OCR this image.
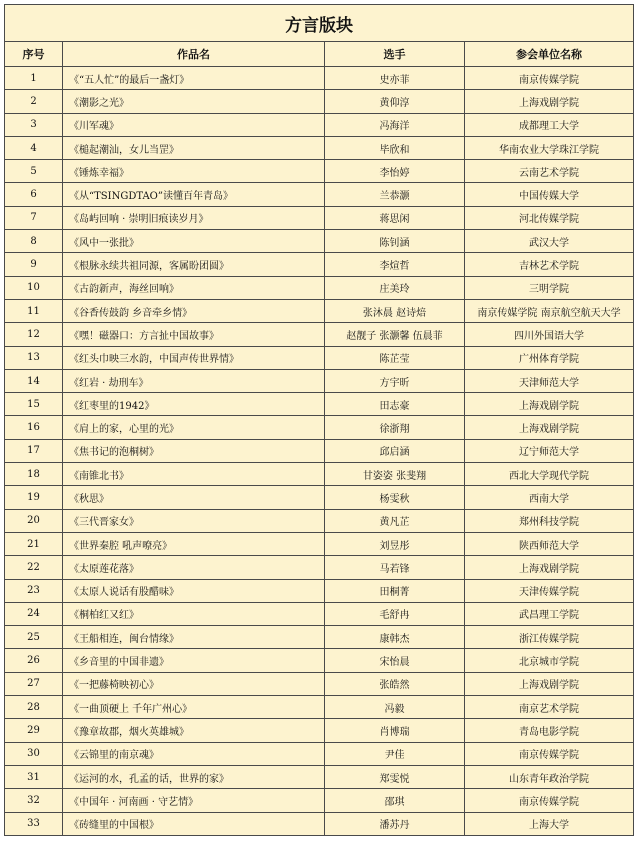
方言版块			
序号	作品名	选手	参会单位名称
1	《“五人忙”的最后一盏灯》	史亦菲	南京传媒学院
2	《潮影之光》	黄仰淳	上海戏剧学院
3	《川军魂》	冯海洋	成都理工大学
4	《槌起潮汕，女儿当罡》	毕欣和	华南农业大学珠江学院
5	《锤炼幸福》	李怡婷	云南艺术学院
6	《从“TSINGDTAO”读懂百年青岛》	兰恭灏	中国传媒大学
7	《岛屿回响 · 崇明旧痕读岁月》	蒋思闲	河北传媒学院
8	《风中一张批》	陈钊涵	武汉大学
9	《根脉永续共祖同源，客属盼团圆》	李煊哲	吉林艺术学院
10	《古韵新声，海丝回响》	庄美玲	三明学院
11	《谷香传鼓韵 乡音牵乡情》	张沐晨 赵诗焙	南京传媒学院 南京航空航天大学
12	《嘿！磁器口：方言扯中国故事》	赵靓子 张灏馨 伍晨菲	四川外国语大学
13	《红头巾映三水韵，中国声传世界情》	陈芷莹	广州体育学院
14	《红岩 · 劫刑车》	方宇昕	天津师范大学
15	《红枣里的1942》	田志豪	上海戏剧学院
16	《肩上的家，心里的光》	徐浙翔	上海戏剧学院
17	《焦书记的泡桐树》	邱启涵	辽宁师范大学
18	《南锥北书》	甘姿姿 张斐翔	西北大学现代学院
19	《秋思》	杨雯秋	西南大学
20	《三代晋家女》	黄凡芷	郑州科技学院
21	《世界秦腔 吼声嘹亮》	刘昱彤	陕西师范大学
22	《太原莲花落》	马若锋	上海戏剧学院
23	《太原人说话有股醋味》	田桐菁	天津传媒学院
24	《桐柏红又红》	毛舒冉	武昌理工学院
25	《王船相连，闽台情缘》	康韩杰	浙江传媒学院
26	《乡音里的中国非遗》	宋怡晨	北京城市学院
27	《一把藤椅映初心》	张皓然	上海戏剧学院
28	《一曲顶硬上 千年广州心》	冯毅	南京艺术学院
29	《豫章故郡，烟火英雄城》	肖博瑞	青岛电影学院
30	《云锦里的南京魂》	尹佳	南京传媒学院
31	《运河的水，孔孟的话，世界的家》	郑雯悦	山东青年政治学院
32	《中国年 · 河南画 · 守艺情》	邵琪	南京传媒学院
33	《砖缝里的中国根》	潘苏丹	上海大学
